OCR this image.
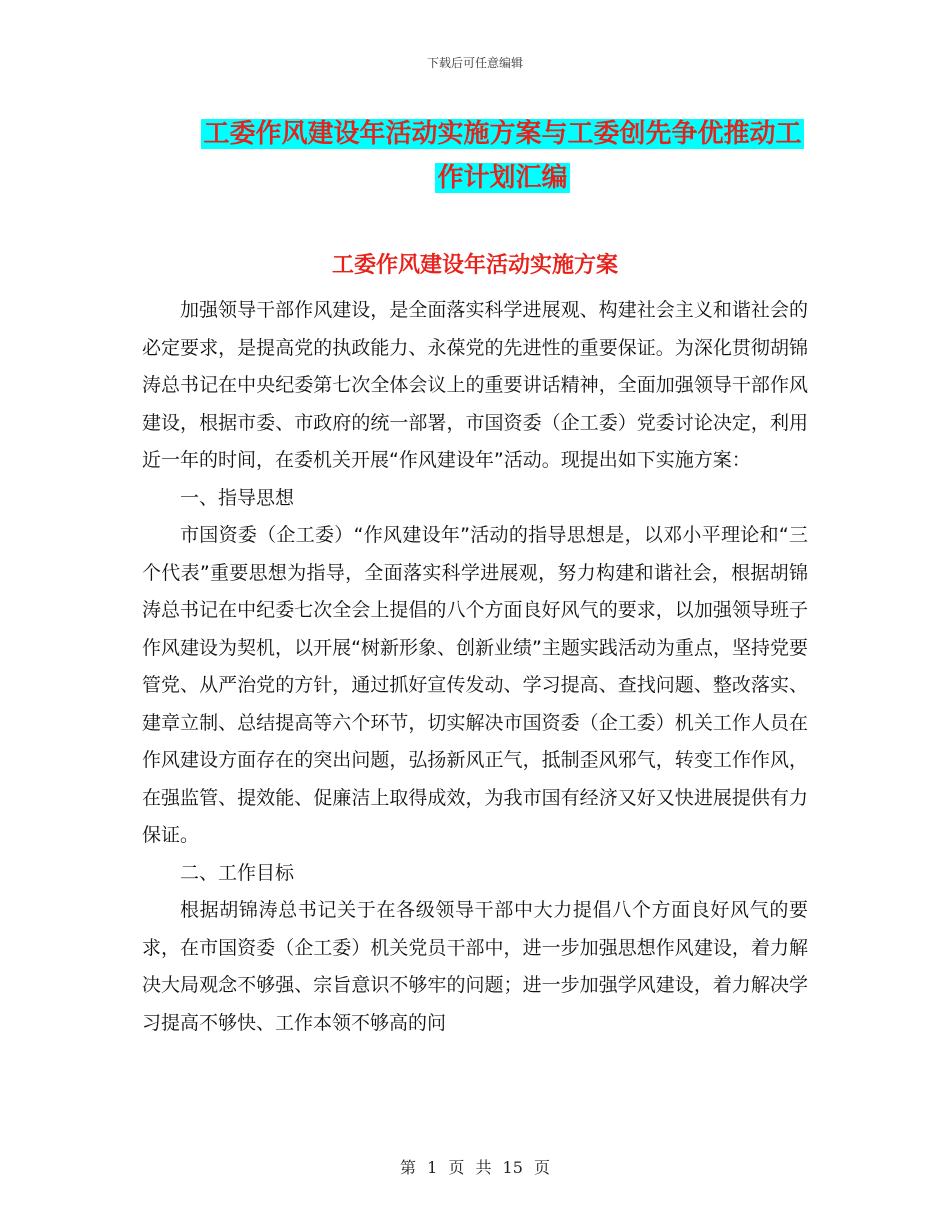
下载后可任意编辑
工委作风建设年活动实施方案与工委创先争优推动工
作计划汇编
工委作风建设年活动实施方案

加强领导干部作风建设，是全面落实科学进展观、构建社会主义和谐社会的必定要求，是提高党的执政能力、永葆党的先进性的重要保证。为深化贯彻胡锦涛总书记在中央纪委第七次全体会议上的重要讲话精神，全面加强领导干部作风建设，根据市委、市政府的统一部署，市国资委（企工委）党委讨论决定，利用近一年的时间，在委机关开展“作风建设年”活动。现提出如下实施方案：

一、指导思想

市国资委（企工委）“作风建设年”活动的指导思想是，以邓小平理论和“三个代表”重要思想为指导，全面落实科学进展观，努力构建和谐社会，根据胡锦涛总书记在中纪委七次全会上提倡的八个方面良好风气的要求，以加强领导班子作风建设为契机，以开展“树新形象、创新业绩”主题实践活动为重点，坚持党要管党、从严治党的方针，通过抓好宣传发动、学习提高、查找问题、整改落实、建章立制、总结提高等六个环节，切实解决市国资委（企工委）机关工作人员在作风建设方面存在的突出问题，弘扬新风正气，抵制歪风邪气，转变工作作风，在强监管、提效能、促廉洁上取得成效，为我市国有经济又好又快进展提供有力保证。

二、工作目标

根据胡锦涛总书记关于在各级领导干部中大力提倡八个方面良好风气的要求，在市国资委（企工委）机关党员干部中，进一步加强思想作风建设，着力解决大局观念不够强、宗旨意识不够牢的问题；进一步加强学风建设，着力解决学习提高不够快、工作本领不够高的问

第 1 页 共 15 页
